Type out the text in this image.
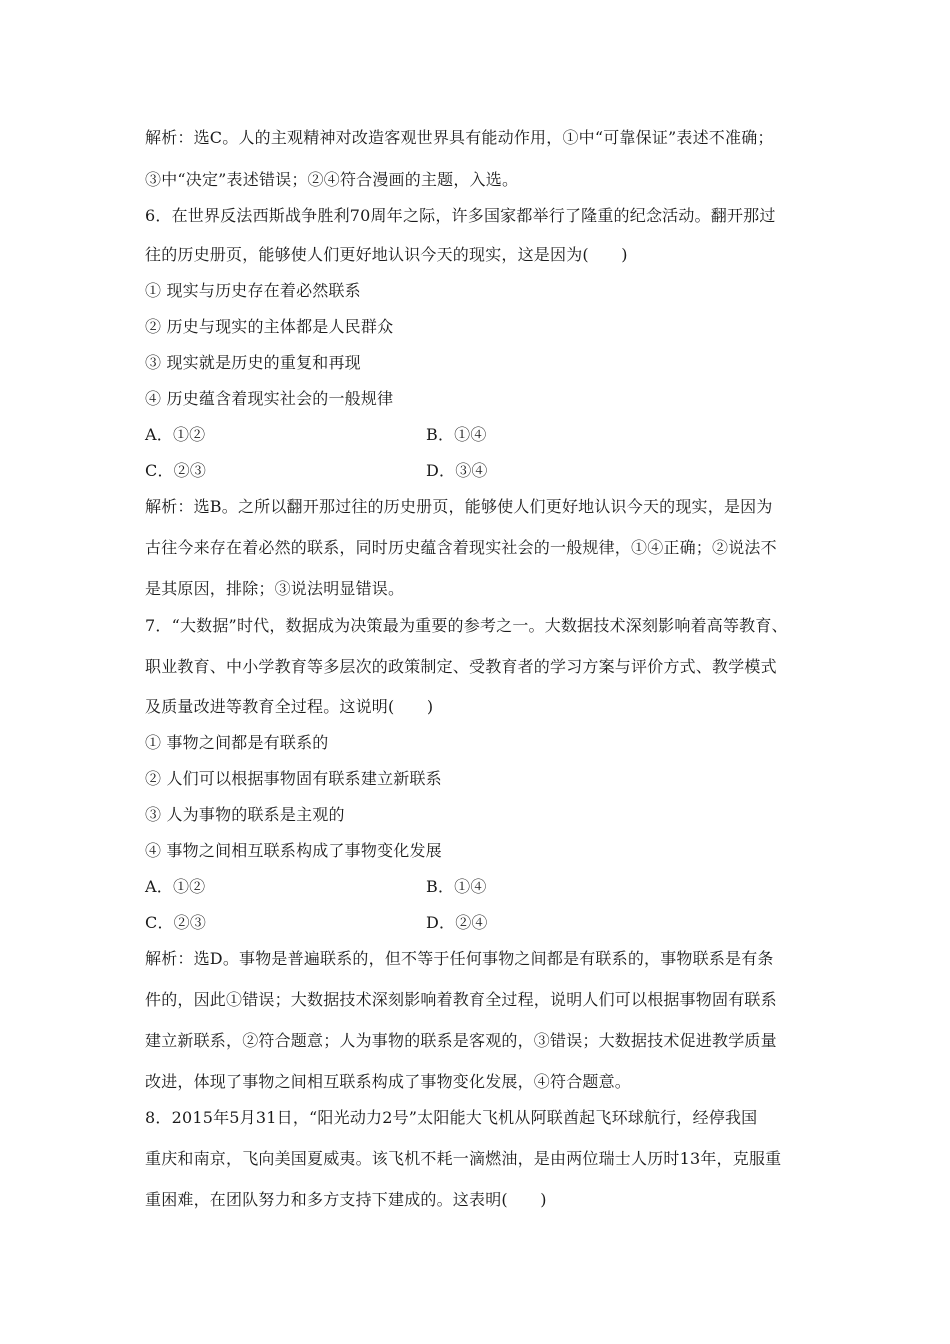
解析：选C。人的主观精神对改造客观世界具有能动作用，①中“可靠保证”表述不准确；
③中“决定”表述错误；②④符合漫画的主题，入选。
6．在世界反法西斯战争胜利70周年之际，许多国家都举行了隆重的纪念活动。翻开那过
往的历史册页，能够使人们更好地认识今天的现实，这是因为(　　)
① 现实与历史存在着必然联系
② 历史与现实的主体都是人民群众
③ 现实就是历史的重复和再现
④ 历史蕴含着现实社会的一般规律
A．①②	B．①④
C．②③	D．③④
解析：选B。之所以翻开那过往的历史册页，能够使人们更好地认识今天的现实，是因为
古往今来存在着必然的联系，同时历史蕴含着现实社会的一般规律，①④正确；②说法不
是其原因，排除；③说法明显错误。
7．“大数据”时代，数据成为决策最为重要的参考之一。大数据技术深刻影响着高等教育、
职业教育、中小学教育等多层次的政策制定、受教育者的学习方案与评价方式、教学模式
及质量改进等教育全过程。这说明(　　)
① 事物之间都是有联系的
② 人们可以根据事物固有联系建立新联系
③ 人为事物的联系是主观的
④ 事物之间相互联系构成了事物变化发展
A．①②	B．①④
C．②③	D．②④
解析：选D。事物是普遍联系的，但不等于任何事物之间都是有联系的，事物联系是有条
件的，因此①错误；大数据技术深刻影响着教育全过程，说明人们可以根据事物固有联系
建立新联系，②符合题意；人为事物的联系是客观的，③错误；大数据技术促进教学质量
改进，体现了事物之间相互联系构成了事物变化发展，④符合题意。
8．2015年5月31日，“阳光动力2号”太阳能大飞机从阿联酋起飞环球航行，经停我国
重庆和南京，飞向美国夏威夷。该飞机不耗一滴燃油，是由两位瑞士人历时13年，克服重
重困难，在团队努力和多方支持下建成的。这表明(　　)
